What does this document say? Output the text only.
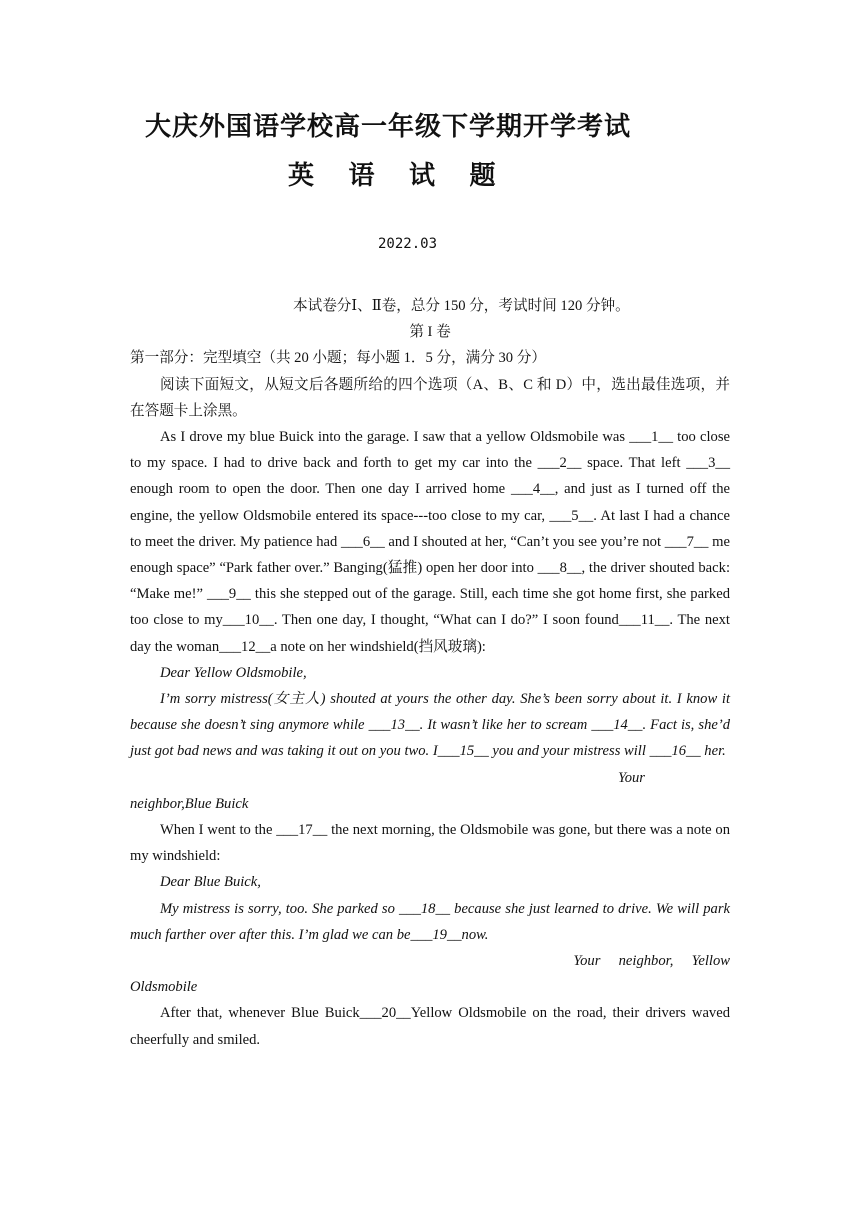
大庆外国语学校高一年级下学期开学考试
英 语 试 题
2022.03

本试卷分Ⅰ、Ⅱ卷，总分 150 分，考试时间 120 分钟。

第 I 卷

第一部分：完型填空（共 20 小题；每小题 1．5 分，满分 30 分）

阅读下面短文，从短文后各题所给的四个选项（A、B、C 和 D）中，选出最佳选项，并在答题卡上涂黑。

As I drove my blue Buick into the garage. I saw that a yellow Oldsmobile was ___1__ too close to my space. I had to drive back and forth to get my car into the ___2__ space. That left ___3__ enough room to open the door. Then one day I arrived home ___4__, and just as I turned off the engine, the yellow Oldsmobile entered its space---too close to my car, ___5__. At last I had a chance to meet the driver. My patience had ___6__ and I shouted at her, “Can’t you see you’re not ___7__ me enough space” “Park father over.” Banging(猛推) open her door into ___8__, the driver shouted back: “Make me!” ___9__ this she stepped out of the garage. Still, each time she got home first, she parked too close to my___10__. Then one day, I thought, “What can I do?” I soon found___11__. The next day the woman___12__a note on her windshield(挡风玻璃):

Dear Yellow Oldsmobile,

I’m sorry mistress(女主人) shouted at yours the other day. She’s been sorry about it. I know it because she doesn’t sing anymore while ___13__. It wasn’t like her to scream ___14__. Fact is, she’d just got bad news and was taking it out on you two. I___15__ you and your mistress will ___16__ her.

Your

neighbor,Blue Buick

When I went to the ___17__ the next morning, the Oldsmobile was gone, but there was a note on my windshield:

Dear Blue Buick,

My mistress is sorry, too. She parked so ___18__ because she just learned to drive. We will park much farther over after this. I’m glad we can be___19__now.

Your     neighbor,     Yellow

Oldsmobile

After that, whenever Blue Buick___20__Yellow Oldsmobile on the road, their drivers waved cheerfully and smiled.
